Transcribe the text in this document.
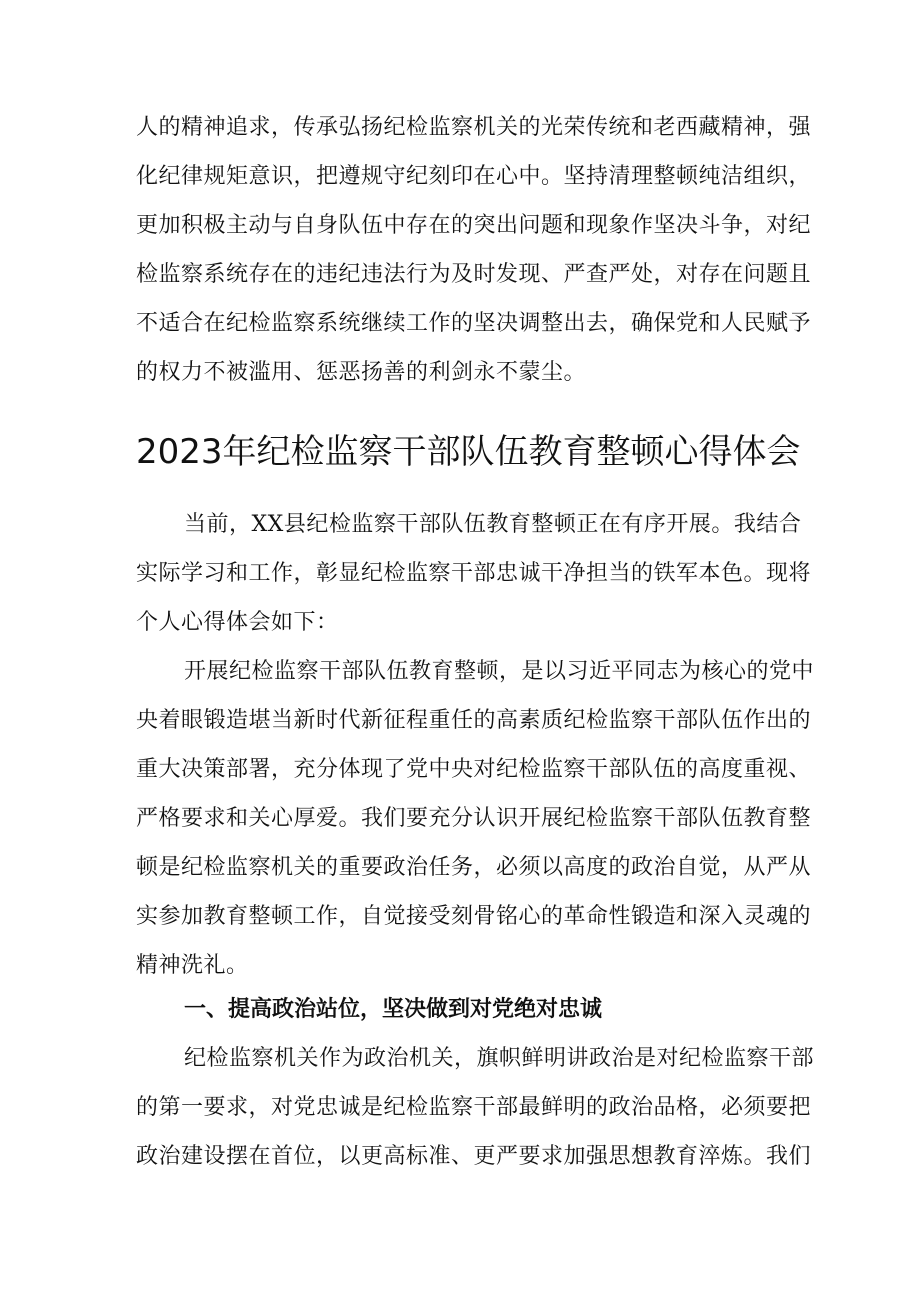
人的精神追求，传承弘扬纪检监察机关的光荣传统和老西藏精神，强
化纪律规矩意识，把遵规守纪刻印在心中。坚持清理整顿纯洁组织，
更加积极主动与自身队伍中存在的突出问题和现象作坚决斗争，对纪
检监察系统存在的违纪违法行为及时发现、严查严处，对存在问题且
不适合在纪检监察系统继续工作的坚决调整出去，确保党和人民赋予
的权力不被滥用、惩恶扬善的利剑永不蒙尘。
2023年纪检监察干部队伍教育整顿心得体会
当前，XX县纪检监察干部队伍教育整顿正在有序开展。我结合
实际学习和工作，彰显纪检监察干部忠诚干净担当的铁军本色。现将
个人心得体会如下：
开展纪检监察干部队伍教育整顿，是以习近平同志为核心的党中
央着眼锻造堪当新时代新征程重任的高素质纪检监察干部队伍作出的
重大决策部署，充分体现了党中央对纪检监察干部队伍的高度重视、
严格要求和关心厚爱。我们要充分认识开展纪检监察干部队伍教育整
顿是纪检监察机关的重要政治任务，必须以高度的政治自觉，从严从
实参加教育整顿工作，自觉接受刻骨铭心的革命性锻造和深入灵魂的
精神洗礼。
一、提高政治站位，坚决做到对党绝对忠诚
纪检监察机关作为政治机关，旗帜鲜明讲政治是对纪检监察干部
的第一要求，对党忠诚是纪检监察干部最鲜明的政治品格，必须要把
政治建设摆在首位，以更高标准、更严要求加强思想教育淬炼。我们
